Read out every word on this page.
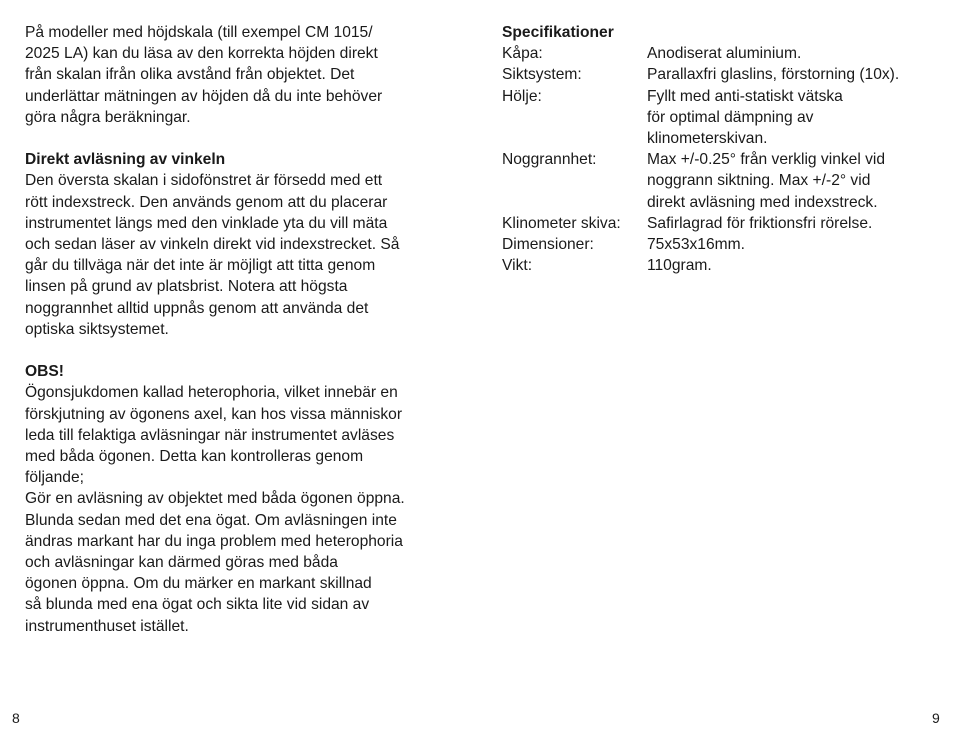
På modeller med höjdskala (till exempel CM 1015/
2025 LA) kan du läsa av den korrekta höjden direkt
från skalan ifrån olika avstånd från objektet. Det
underlättar mätningen av höjden då du inte behöver
göra några beräkningar.
Direkt avläsning av vinkeln
Den översta skalan i sidofönstret är försedd med ett
rött indexstreck. Den används genom att du placerar
instrumentet längs med den vinklade yta du vill mäta
och sedan läser av vinkeln direkt vid indexstrecket. Så
går du tillväga när det inte är möjligt att titta genom
linsen på grund av platsbrist. Notera att högsta
noggrannhet alltid uppnås genom att använda det
optiska siktsystemet.
OBS!
Ögonsjukdomen kallad heterophoria, vilket innebär en
förskjutning av ögonens axel, kan hos vissa människor
leda till felaktiga avläsningar när instrumentet avläses
med båda ögonen. Detta kan kontrolleras genom
följande;
Gör en avläsning av objektet med båda ögonen öppna.
Blunda sedan med det ena ögat. Om avläsningen inte
ändras markant har du inga problem med heterophoria
och avläsningar kan därmed göras med båda
ögonen öppna. Om du märker en markant skillnad
så blunda med ena ögat och sikta lite vid sidan av
instrumenthuset istället.
Specifikationer
Kåpa:	Anodiserat aluminium.
Siktsystem:	Parallaxfri glaslins, förstorning (10x).
Hölje:	Fyllt med anti-statiskt vätska
för optimal dämpning av
klinometerskivan.
Noggrannhet:	Max +/-0.25° från verklig vinkel vid
noggrann siktning. Max +/-2° vid
direkt avläsning med indexstreck.
Klinometer skiva:	Safirlagrad för friktionsfri rörelse.
Dimensioner:	75x53x16mm.
Vikt:	110gram.
8	9
